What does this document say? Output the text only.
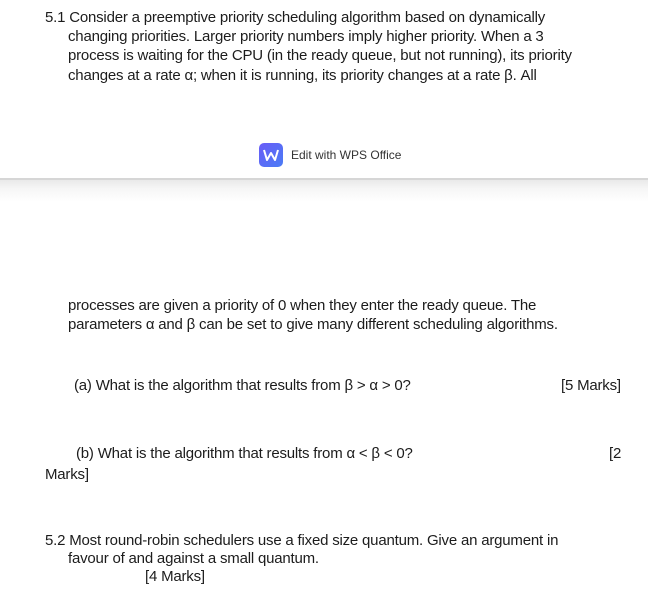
5.1 Consider a preemptive priority scheduling algorithm based on dynamically
changing priorities. Larger priority numbers imply higher priority. When a 3
process is waiting for the CPU (in the ready queue, but not running), its priority
changes at a rate α; when it is running, its priority changes at a rate β. All
Edit with WPS Office
processes are given a priority of 0 when they enter the ready queue. The
parameters α and β can be set to give many different scheduling algorithms.
(a) What is the algorithm that results from β > α > 0?	[5 Marks]
(b) What is the algorithm that results from α < β < 0?	[2
Marks]
5.2 Most round-robin schedulers use a fixed size quantum. Give an argument in
favour of and against a small quantum.
[4 Marks]
